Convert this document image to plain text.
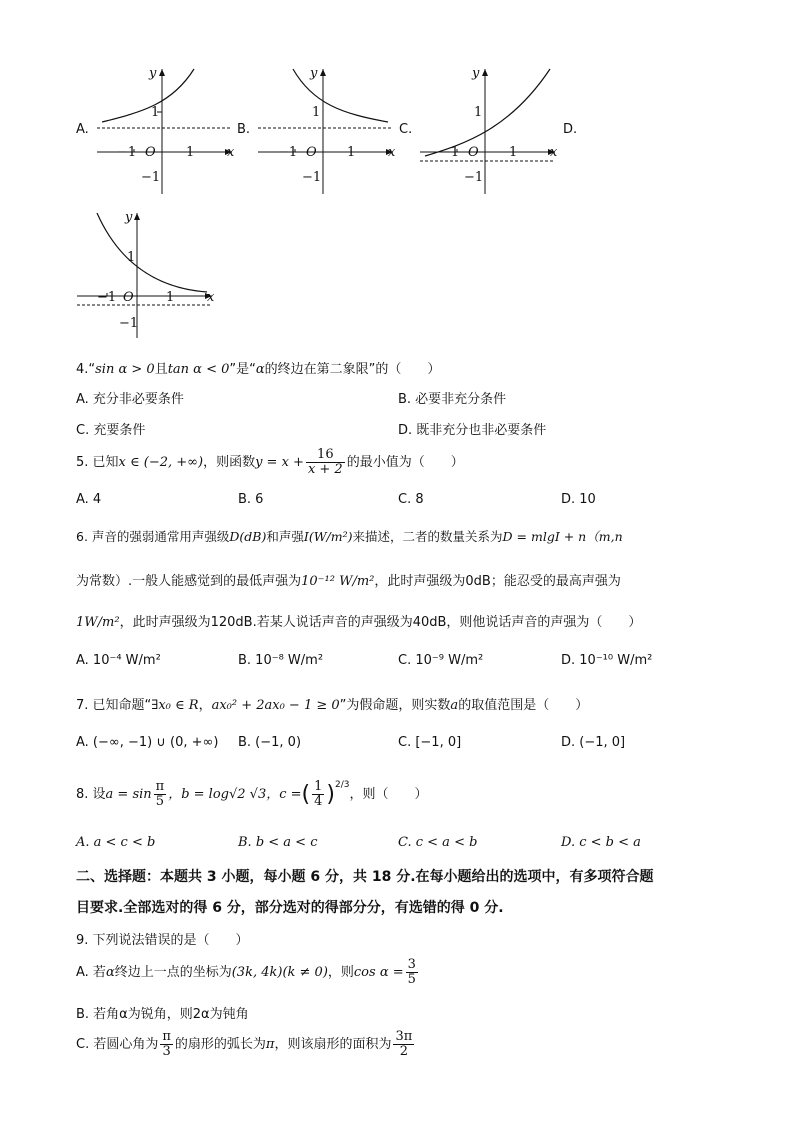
A.
y
1
−1 O 1	x
−1
B.
y
1
−1 O 1	x
−1
C.
y
1
−1 O 1	x
−1
D.
y
1
−1 O 1	x
−1
4.“sin α > 0且tan α < 0”是“α的终边在第二象限”的（　　）
A. 充分非必要条件	B. 必要非充分条件
C. 充要条件	D. 既非充分也非必要条件
5. 已知x ∈ (−2, +∞)，则函数$y = x + \frac{16}{x + 2}$ 的最小值为（　　）
A. 4	B. 6	C. 8	D. 10
6. 声音的强弱通常用声强级D(dB)和声强I(W/m²)来描述，二者的数量关系为D = mlgI + n（m,n
为常数）.一般人能感觉到的最低声强为10⁻¹² W/m²，此时声强级为0dB；能忍受的最高声强为
1W/m²，此时声强级为120dB.若某人说话声音的声强级为40dB，则他说话声音的声强为（　　）
A. 10⁻⁴ W/m²	B. 10⁻⁸ W/m²	C. 10⁻⁹ W/m²	D. 10⁻¹⁰ W/m²
7. 已知命题“∃x₀ ∈ R，ax₀² + 2ax₀ − 1 ≥ 0”为假命题，则实数a的取值范围是（　　）
A. (−∞, −1) ∪ (0, +∞) B. (−1, 0)	C. [−1, 0]	D. (−1, 0]
8. 设$a = \sin \frac{\pi}{5}$ ，b = log√2 √3，c =( $\frac{1}{4} )^{2/3}$，则（　　）
A. a < c < b	B. b < a < c	C. c < a < b	D. c < b < a
二、选择题：本题共 3 小题，每小题 6 分，共 18 分.在每小题给出的选项中，有多项符合题
目要求.全部选对的得 6 分，部分选对的得部分分，有选错的得 0 分.
9. 下列说法错误的是（　　）
A. 若α终边上一点的坐标为(3k, 4k)(k ≠ 0)，则$\cos \alpha = \frac{3}{5}$
B. 若角α为锐角，则2α为钝角
C. 若圆心角为 $\frac{\pi}{3}$ 的扇形的弧长为π，则该扇形的面积为 $\frac{3\pi}{2}$
